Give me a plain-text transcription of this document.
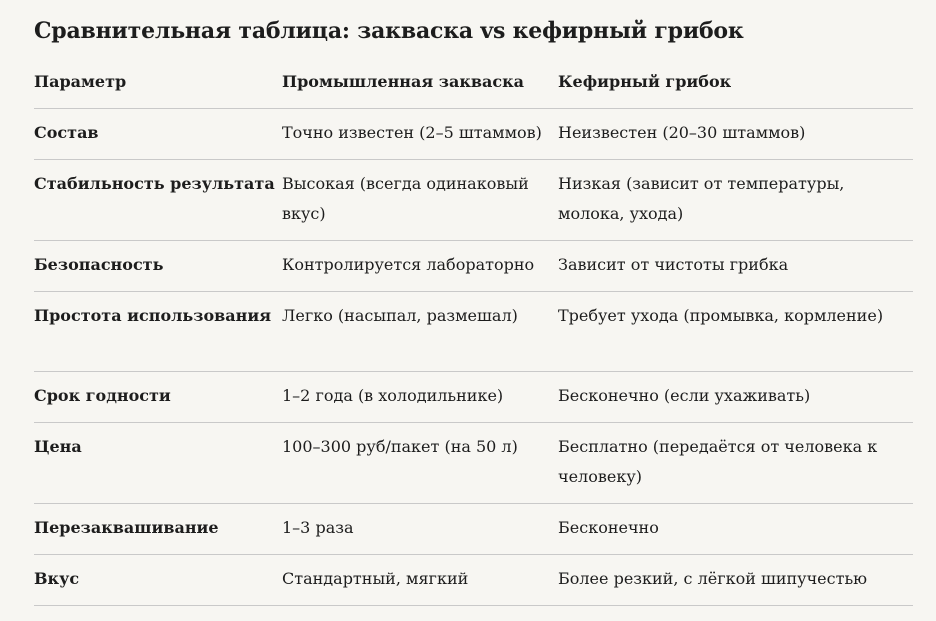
Сравнительная таблица: закваска vs кефирный грибок
Параметр	Промышленная закваска	Кефирный грибок

Состав	Точно известен (2–5 штаммов)	Неизвестен (20–30 штаммов)

Стабильность результата	Высокая (всегда одинаковый вкус)	Низкая (зависит от температуры, молока, ухода)

Безопасность	Контролируется лабораторно	Зависит от чистоты грибка

Простота использования	Легко (насыпал, размешал)	Требует ухода (промывка, кормление)

Срок годности	1–2 года (в холодильнике)	Бесконечно (если ухаживать)

Цена	100–300 руб/пакет (на 50 л)	Бесплатно (передаётся от человека к человеку)

Перезаквашивание	1–3 раза	Бесконечно

Вкус	Стандартный, мягкий	Более резкий, с лёгкой шипучестью
